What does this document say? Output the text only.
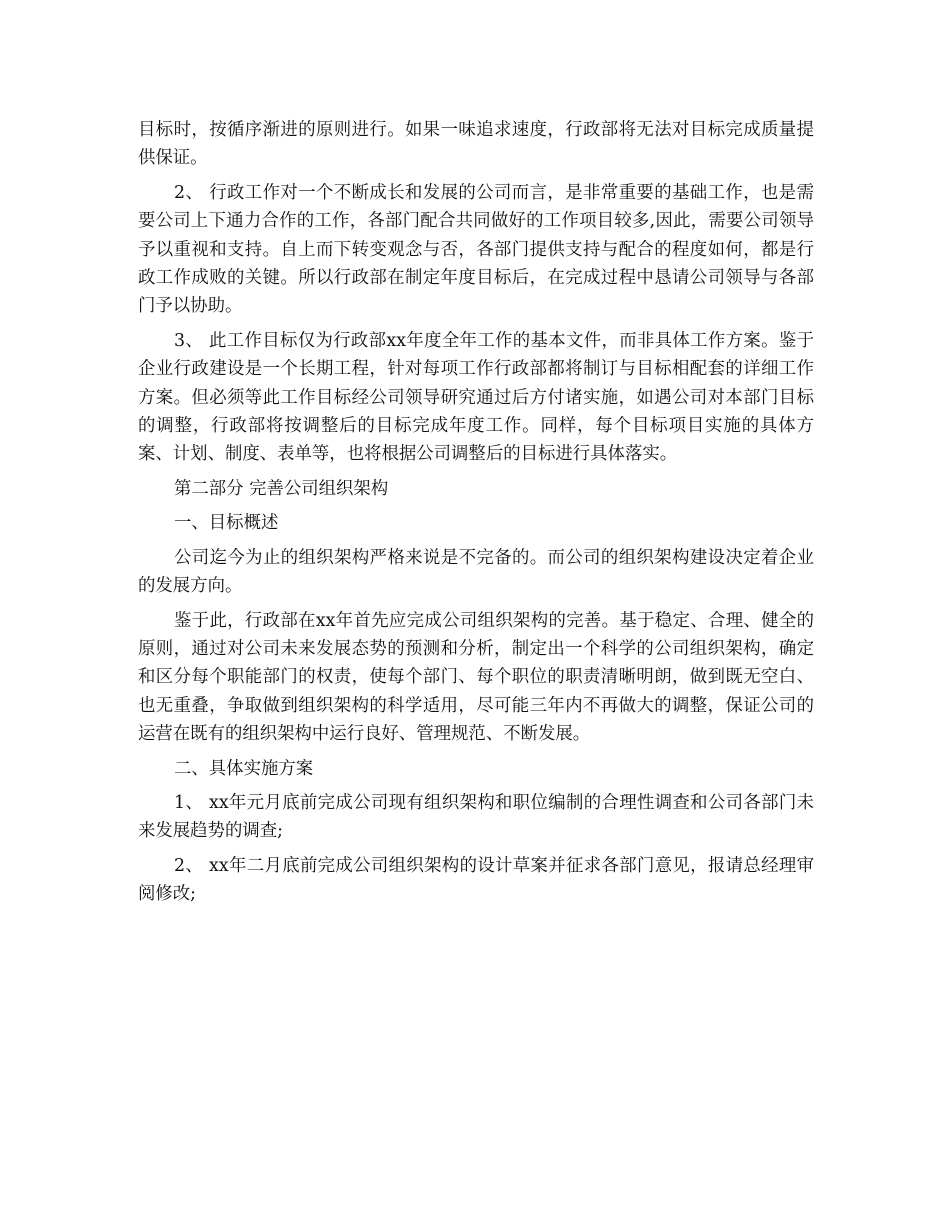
目标时，按循序渐进的原则进行。如果一味追求速度，行政部将无法对目标完成质量提供保证。

2、 行政工作对一个不断成长和发展的公司而言，是非常重要的基础工作，也是需要公司上下通力合作的工作，各部门配合共同做好的工作项目较多,因此，需要公司领导予以重视和支持。自上而下转变观念与否，各部门提供支持与配合的程度如何，都是行政工作成败的关键。所以行政部在制定年度目标后，在完成过程中恳请公司领导与各部门予以协助。

3、 此工作目标仅为行政部xx年度全年工作的基本文件，而非具体工作方案。鉴于企业行政建设是一个长期工程，针对每项工作行政部都将制订与目标相配套的详细工作方案。但必须等此工作目标经公司领导研究通过后方付诸实施，如遇公司对本部门目标的调整，行政部将按调整后的目标完成年度工作。同样，每个目标项目实施的具体方案、计划、制度、表单等，也将根据公司调整后的目标进行具体落实。

第二部分 完善公司组织架构

一、目标概述

公司迄今为止的组织架构严格来说是不完备的。而公司的组织架构建设决定着企业的发展方向。

鉴于此，行政部在xx年首先应完成公司组织架构的完善。基于稳定、合理、健全的原则，通过对公司未来发展态势的预测和分析，制定出一个科学的公司组织架构，确定和区分每个职能部门的权责，使每个部门、每个职位的职责清晰明朗，做到既无空白、也无重叠，争取做到组织架构的科学适用，尽可能三年内不再做大的调整，保证公司的运营在既有的组织架构中运行良好、管理规范、不断发展。

二、具体实施方案

1、 xx年元月底前完成公司现有组织架构和职位编制的合理性调查和公司各部门未来发展趋势的调查;

2、 xx年二月底前完成公司组织架构的设计草案并征求各部门意见，报请总经理审阅修改;
